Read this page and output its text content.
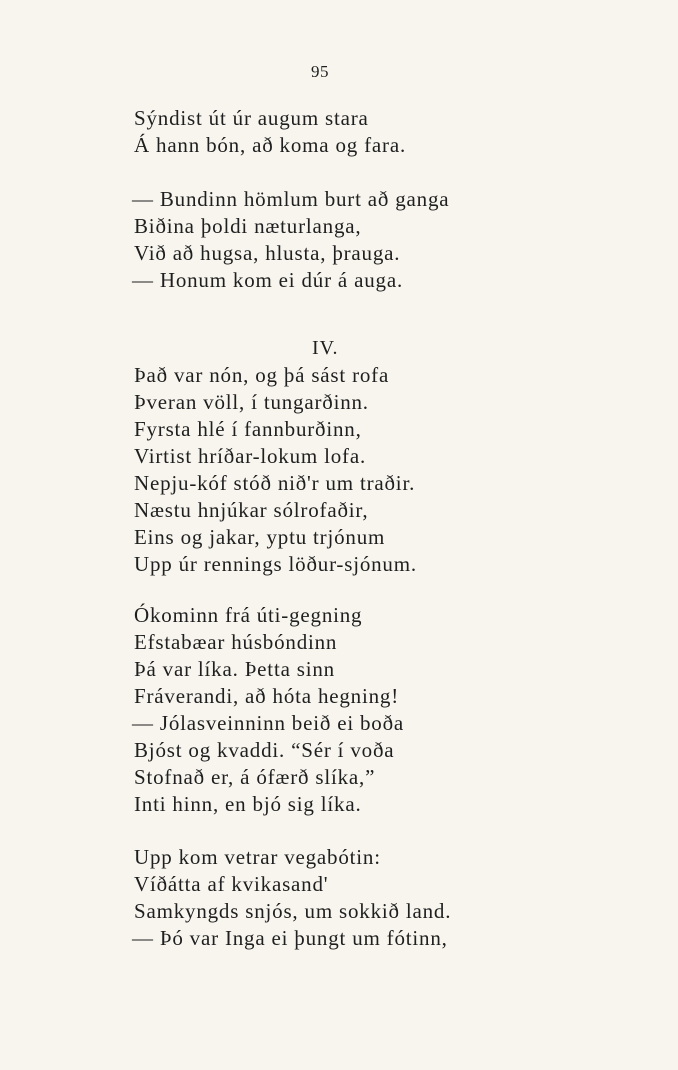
95
Sýndist út úr augum stara
Á hann bón, að koma og fara.
— Bundinn hömlum burt að ganga
Biðina þoldi næturlanga,
Við að hugsa, hlusta, þrauga.
— Honum kom ei dúr á auga.
IV.
Það var nón, og þá sást rofa
Þveran völl, í tungarðinn.
Fyrsta hlé í fannburðinn,
Virtist hríðar-lokum lofa.
Nepju-kóf stóð nið'r um traðir.
Næstu hnjúkar sólrofaðir,
Eins og jakar, yptu trjónum
Upp úr rennings löður-sjónum.
Ókominn frá úti-gegning
Efstabæar húsbóndinn
Þá var líka. Þetta sinn
Fráverandi, að hóta hegning!
— Jólasveinninn beið ei boða
Bjóst og kvaddi. “Sér í voða
Stofnað er, á ófærð slíka,”
Inti hinn, en bjó sig líka.
Upp kom vetrar vegabótin:
Víðátta af kvikasand'
Samkyngds snjós, um sokkið land.
— Þó var Inga ei þungt um fótinn,
